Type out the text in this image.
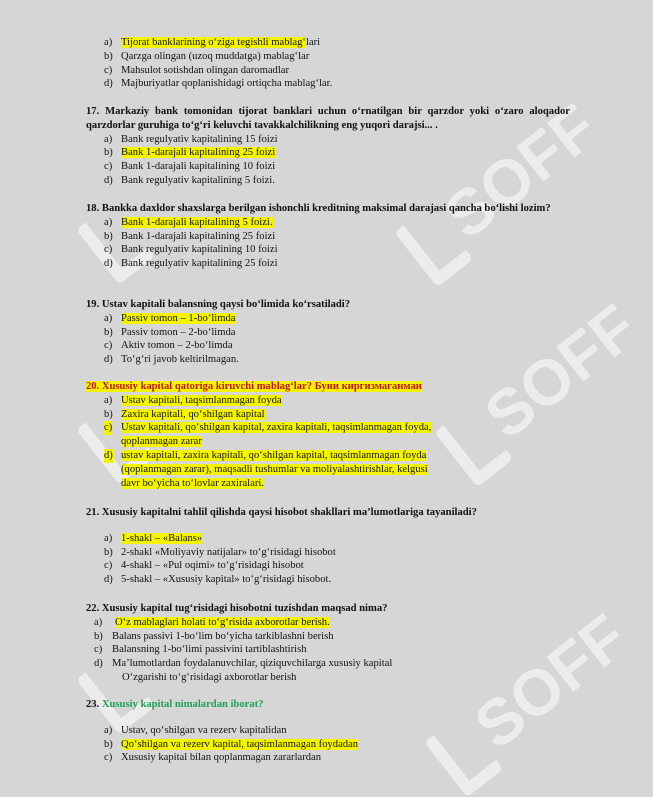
SOFF
SOFF
SOFF
a) Tijorat banklarining o‘ziga tegishli mablag‘lari
b) Qarzga olingan (uzoq muddatga) mablag‘lar
c) Mahsulot sotishdan olingan daromadlar
d) Majburiyatlar qoplanishidagi ortiqcha mablag‘lar.
17. Markaziy bank tomonidan tijorat banklari uchun o‘rnatilgan bir qarzdor yoki o‘zaro aloqador qarzdorlar guruhiga to‘g‘ri keluvchi tavakkalchilikning eng yuqori darajsi... .
a) Bank regulyativ kapitalining 15 foizi
b) Bank 1-darajali kapitalining 25 foizi
c) Bank 1-darajali kapitalining 10 foizi
d) Bank regulyativ kapitalining 5 foizi.
18. Bankka daxldor shaxslarga berilgan ishonchli kreditning maksimal darajasi qancha bo‘lishi lozim?
a) Bank 1-darajali kapitalining 5 foizi.
b) Bank 1-darajali kapitalining 25 foizi
c) Bank regulyativ kapitalining 10 foizi
d) Bank regulyativ kapitalining 25 foizi
19. Ustav kapitali balansning qaysi bo‘limida ko‘rsatiladi?
a) Passiv tomon – 1-bo‘limda
b) Passiv tomon – 2-bo‘limda
c) Aktiv tomon – 2-bo‘limda
d) To‘g‘ri javob keltirilmagan.
20. Xususiy kapital qatoriga kiruvchi mablag‘lar? Буни киргизмаганман
a) Ustav kapitali, taqsimlanmagan foyda
b) Zaxira kapitali, qo‘shilgan kapital
c) Ustav kapitali, qo‘shilgan kapital, zaxira kapitali, taqsimlanmagan foyda,
qoplanmagan zarar
d) ustav kapitali, zaxira kapitali, qo‘shilgan kapital, taqsimlanmagan foyda
(qoplanmagan zarar), maqsadli tushumlar va moliyalashtirishlar, kelgusi
davr bo‘yicha to‘lovlar zaxiralari.
21. Xususiy kapitalni tahlil qilishda qaysi hisobot shakllari ma’lumotlariga tayaniladi?
a) 1-shakl – «Balans»
b) 2-shakl «Moliyaviy natijalar» to‘g‘risidagi hisobot
c) 4-shakl – «Pul oqimi» to‘g‘risidagi hisobot
d) 5-shakl – «Xususiy kapital» to‘g‘risidagi hisobot.
22. Xususiy kapital tug‘risidagi hisobotni tuzishdan maqsad nima?
a) O‘z mablaglari holati to‘g‘risida axborotlar berish.
b) Balans passivi 1-bo‘lim bo‘yicha tarkiblashni berish
c) Balansning 1-bo‘limi passivini tartiblashtirish
d) Ma’lumotlardan foydalanuvchilar, qiziquvchilarga xususiy kapital
O‘zgarishi to‘g‘risidagi axborotlar berish
23. Xususiy kapital nimalardan iborat?
a) Ustav, qo‘shilgan va rezerv kapitalidan
b) Qo‘shilgan va rezerv kapital, taqsimlanmagan foydadan
c) Xususiy kapital bilan qoplanmagan zararlardan
